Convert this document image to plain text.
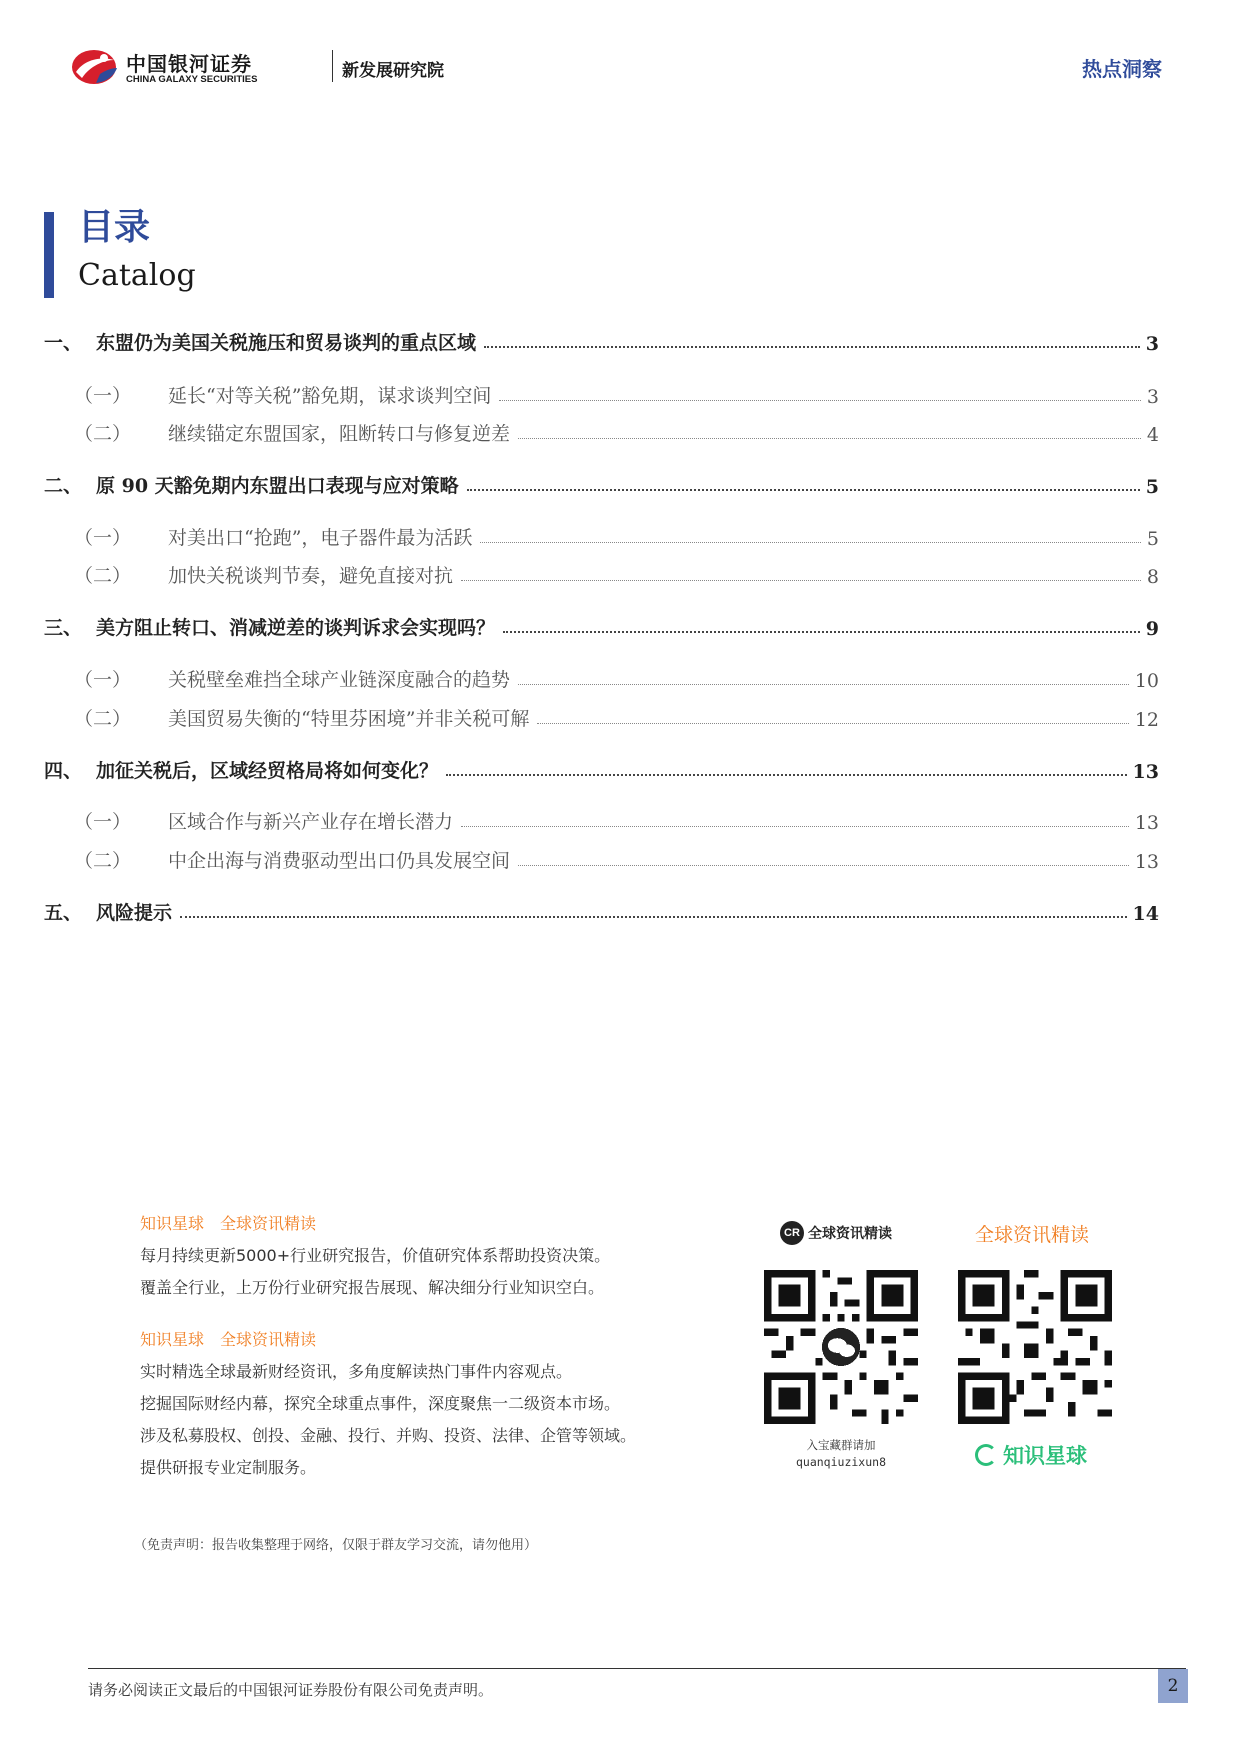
中国银河证券
CHINA GALAXY SECURITIES	新发展研究院	热点洞察
目录
Catalog
一、 东盟仍为美国关税施压和贸易谈判的重点区域	3
（一）	延长“对等关税”豁免期，谋求谈判空间	3
（二）	继续锚定东盟国家，阻断转口与修复逆差	4
二、 原 90 天豁免期内东盟出口表现与应对策略	5
（一）	对美出口“抢跑”，电子器件最为活跃	5
（二）	加快关税谈判节奏，避免直接对抗	8
三、 美方阻止转口、消减逆差的谈判诉求会实现吗？	9
（一）	关税壁垒难挡全球产业链深度融合的趋势	10
（二）	美国贸易失衡的“特里芬困境”并非关税可解	12
四、 加征关税后，区域经贸格局将如何变化？	13
（一）	区域合作与新兴产业存在增长潜力	13
（二）	中企出海与消费驱动型出口仍具发展空间	13
五、 风险提示	14
知识星球　全球资讯精读
每月持续更新5000+行业研究报告，价值研究体系帮助投资决策。
覆盖全行业，上万份行业研究报告展现、解决细分行业知识空白。
知识星球　全球资讯精读
实时精选全球最新财经资讯，多角度解读热门事件内容观点。
挖掘国际财经内幕，探究全球重点事件，深度聚焦一二级资本市场。
涉及私募股权、创投、金融、投行、并购、投资、法律、企管等领域。
提供研报专业定制服务。
（免责声明：报告收集整理于网络，仅限于群友学习交流，请勿他用）
CR 全球资讯精读	全球资讯精读
入宝藏群请加
quanqiuzixun8	知识星球
请务必阅读正文最后的中国银河证券股份有限公司免责声明。	2
